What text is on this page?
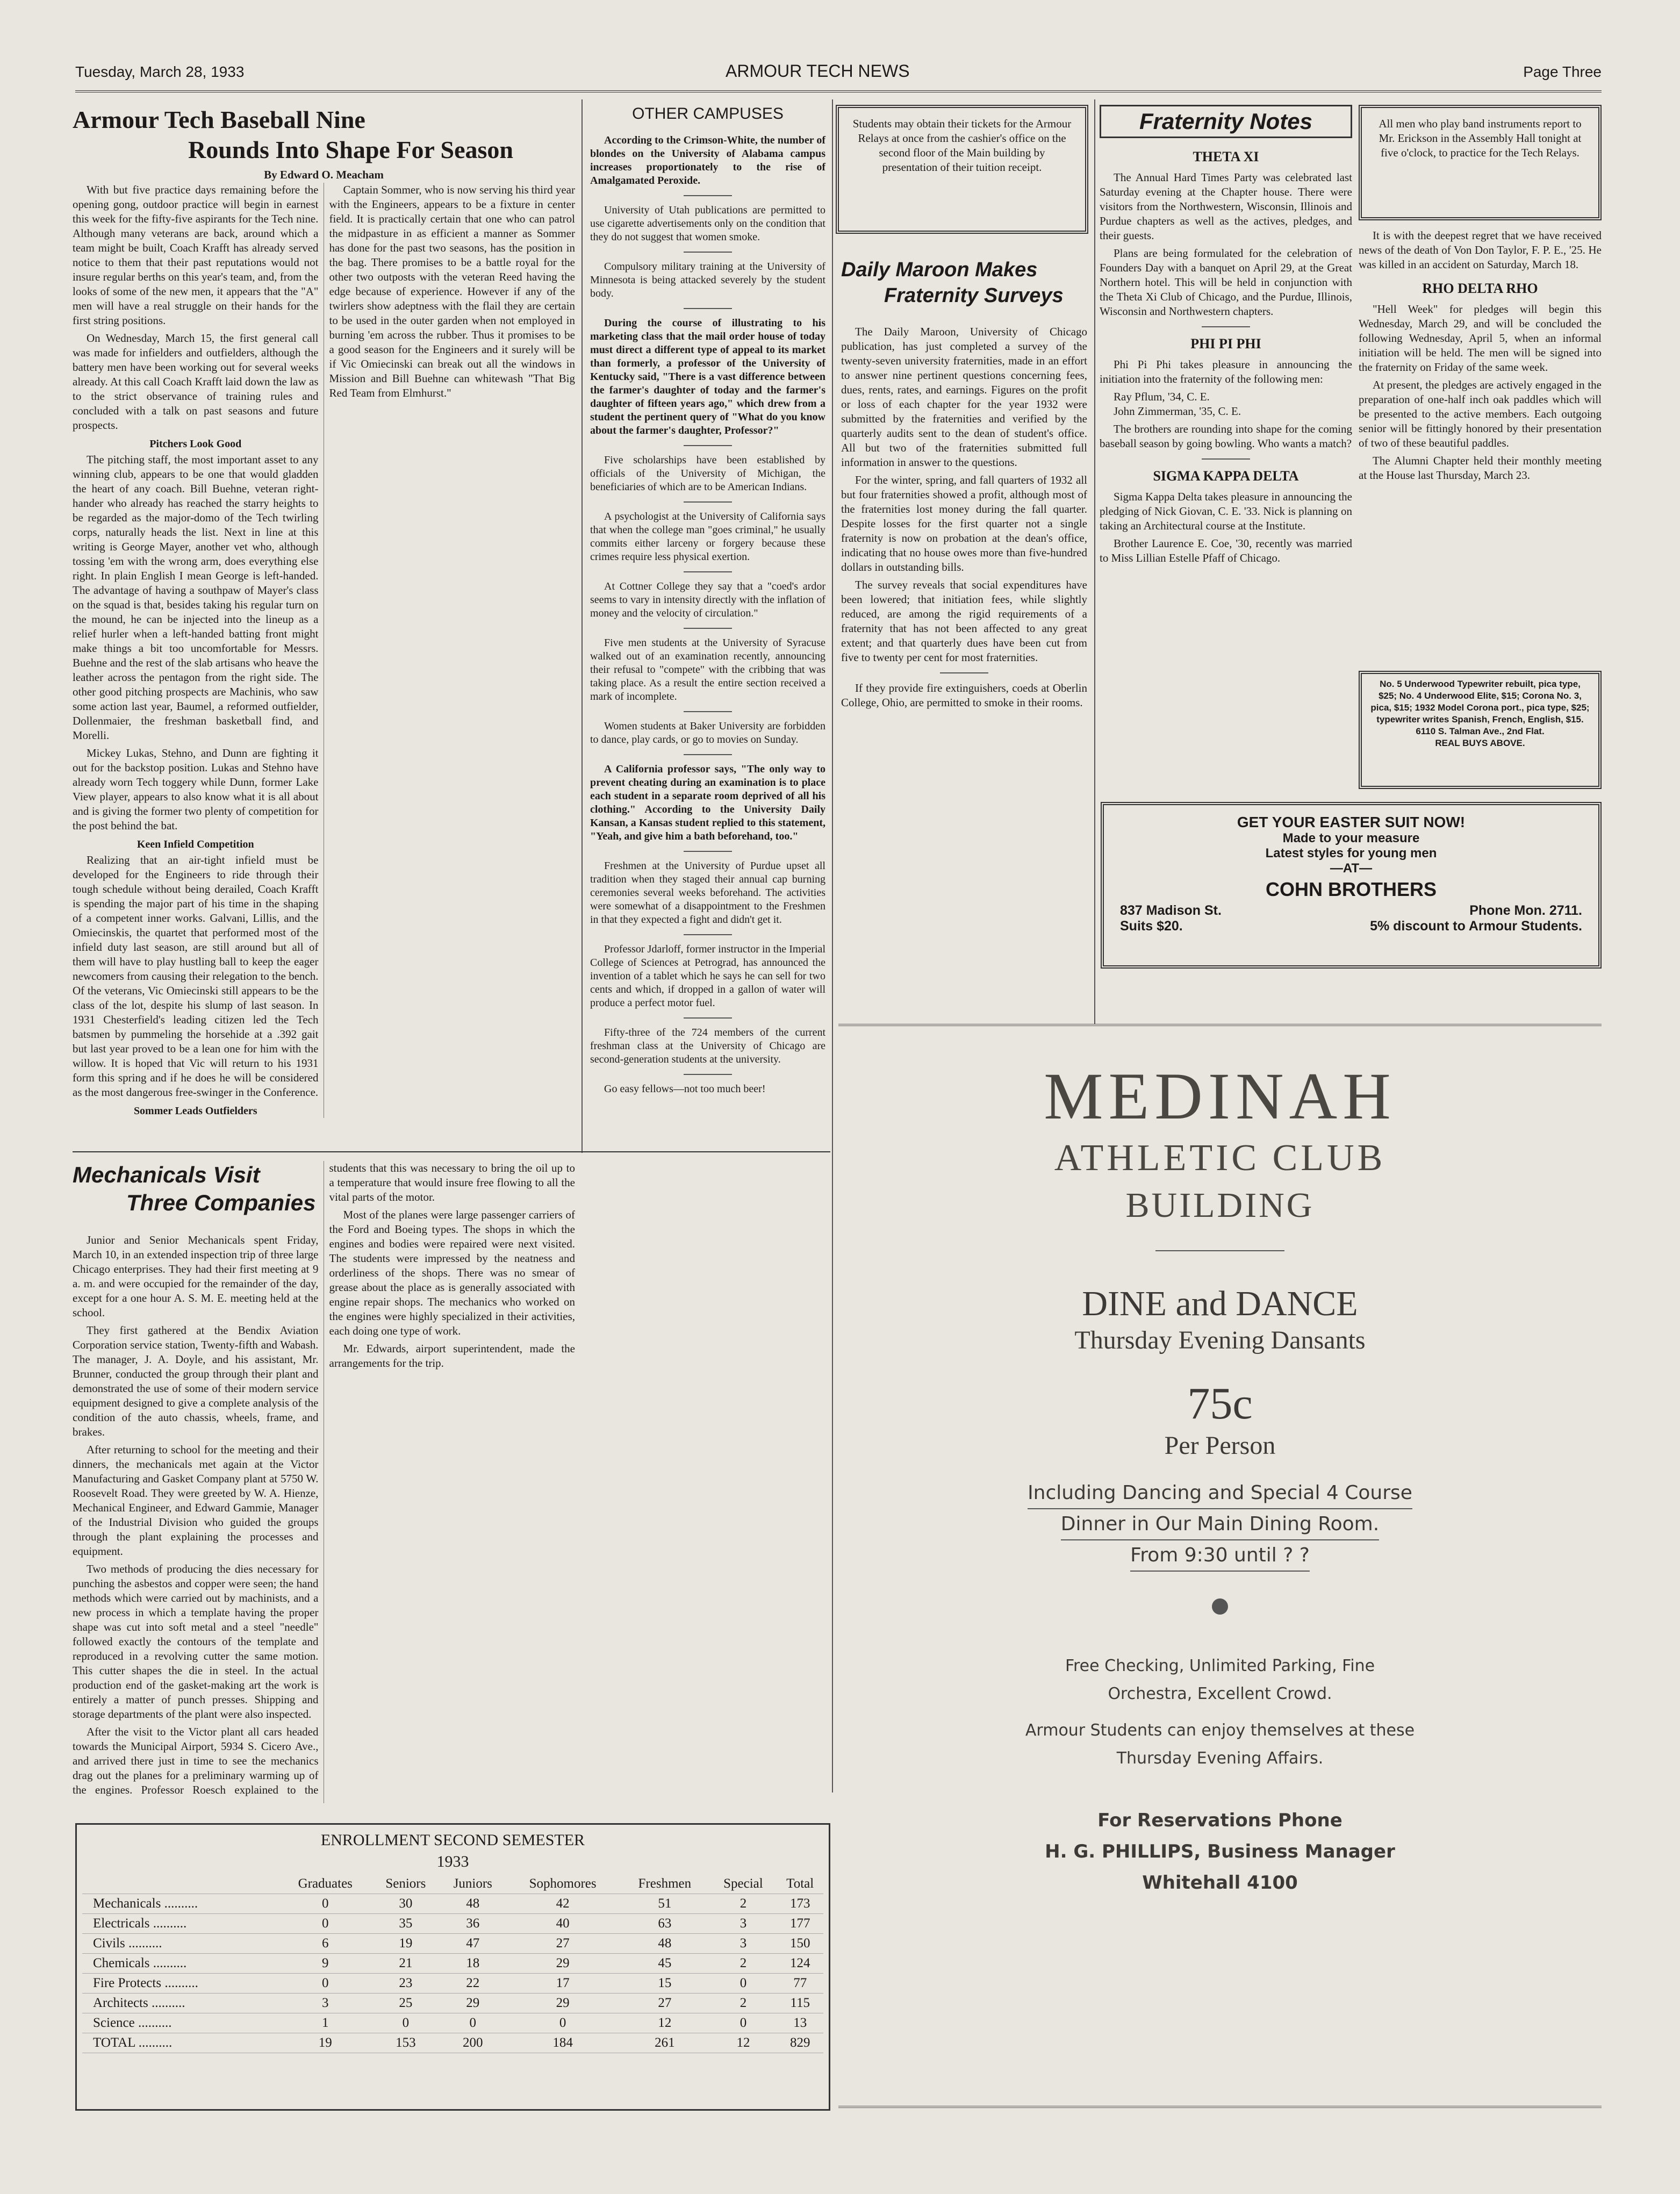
Tuesday, March 28, 1933	ARMOUR TECH NEWS	Page Three
Armour Tech Baseball Nine
Rounds Into Shape For Season
By Edward O. Meacham

With but five practice days remaining before the opening gong, outdoor practice will begin in earnest this week for the fifty-five aspirants for the Tech nine. Although many veterans are back, around which a team might be built, Coach Krafft has already served notice to them that their past reputations would not insure regular berths on this year's team, and, from the looks of some of the new men, it appears that the "A" men will have a real struggle on their hands for the first string positions.

On Wednesday, March 15, the first general call was made for infielders and outfielders, although the battery men have been working out for several weeks already. At this call Coach Krafft laid down the law as to the strict observance of training rules and concluded with a talk on past seasons and future prospects.

Pitchers Look Good

The pitching staff, the most important asset to any winning club, appears to be one that would gladden the heart of any coach. Bill Buehne, veteran right-hander who already has reached the starry heights to be regarded as the major-domo of the Tech twirling corps, naturally heads the list. Next in line at this writing is George Mayer, another vet who, although tossing 'em with the wrong arm, does everything else right. In plain English I mean George is left-handed. The advantage of having a southpaw of Mayer's class on the squad is that, besides taking his regular turn on the mound, he can be injected into the lineup as a relief hurler when a left-handed batting front might make things a bit too uncomfortable for Messrs. Buehne and the rest of the slab artisans who heave the leather across the pentagon from the right side. The other good pitching prospects are Machinis, who saw some action last year, Baumel, a reformed outfielder, Dollenmaier, the freshman basketball find, and Morelli.

Mickey Lukas, Stehno, and Dunn are fighting it out for the backstop position. Lukas and Stehno have already worn Tech toggery while Dunn, former Lake View player, appears to also know what it is all about and is giving the former two plenty of competition for the post behind the bat.

Keen Infield Competition

Realizing that an air-tight infield must be developed for the Engineers to ride through their tough schedule without being derailed, Coach Krafft is spending the major part of his time in the shaping of a competent inner works. Galvani, Lillis, and the Omiecinskis, the quartet that performed most of the infield duty last season, are still around but all of them will have to play hustling ball to keep the eager newcomers from causing their relegation to the bench. Of the veterans, Vic Omiecinski still appears to be the class of the lot, despite his slump of last season. In 1931 Chesterfield's leading citizen led the Tech batsmen by pummeling the horsehide at a .392 gait but last year proved to be a lean one for him with the willow. It is hoped that Vic will return to his 1931 form this spring and if he does he will be considered as the most dangerous free-swinger in the Conference.

Sommer Leads Outfielders

Captain Sommer, who is now serving his third year with the Engineers, appears to be a fixture in center field. It is practically certain that one who can patrol the midpasture in as efficient a manner as Sommer has done for the past two seasons, has the position in the bag. There promises to be a battle royal for the other two outposts with the veteran Reed having the edge because of experience. However if any of the twirlers show adeptness with the flail they are certain to be used in the outer garden when not employed in burning 'em across the rubber. Thus it promises to be a good season for the Engineers and it surely will be if Vic Omiecinski can break out all the windows in Mission and Bill Buehne can whitewash "That Big Red Team from Elmhurst."

Mechanicals Visit
Three Companies

Junior and Senior Mechanicals spent Friday, March 10, in an extended inspection trip of three large Chicago enterprises. They had their first meeting at 9 a. m. and were occupied for the remainder of the day, except for a one hour A. S. M. E. meeting held at the school.

They first gathered at the Bendix Aviation Corporation service station, Twenty-fifth and Wabash. The manager, J. A. Doyle, and his assistant, Mr. Brunner, conducted the group through their plant and demonstrated the use of some of their modern service equipment designed to give a complete analysis of the condition of the auto chassis, wheels, frame, and brakes.

After returning to school for the meeting and their dinners, the mechanicals met again at the Victor Manufacturing and Gasket Company plant at 5750 W. Roosevelt Road. They were greeted by W. A. Hienze, Mechanical Engineer, and Edward Gammie, Manager of the Industrial Division who guided the groups through the plant explaining the processes and equipment.

Two methods of producing the dies necessary for punching the asbestos and copper were seen; the hand methods which were carried out by machinists, and a new process in which a template having the proper shape was cut into soft metal and a steel "needle" followed exactly the contours of the template and reproduced in a revolving cutter the same motion. This cutter shapes the die in steel. In the actual production end of the gasket-making art the work is entirely a matter of punch presses. Shipping and storage departments of the plant were also inspected.

After the visit to the Victor plant all cars headed towards the Municipal Airport, 5934 S. Cicero Ave., and arrived there just in time to see the mechanics drag out the planes for a preliminary warming up of the engines. Professor Roesch explained to the students that this was necessary to bring the oil up to a temperature that would insure free flowing to all the vital parts of the motor.

Most of the planes were large passenger carriers of the Ford and Boeing types. The shops in which the engines and bodies were repaired were next visited. The students were impressed by the neatness and orderliness of the shops. There was no smear of grease about the place as is generally associated with engine repair shops. The mechanics who worked on the engines were highly specialized in their activities, each doing one type of work.

Mr. Edwards, airport superintendent, made the arrangements for the trip.

OTHER CAMPUSES

According to the Crimson-White, the number of blondes on the University of Alabama campus increases proportionately to the rise of Amalgamated Peroxide.

University of Utah publications are permitted to use cigarette advertisements only on the condition that they do not suggest that women smoke.

Compulsory military training at the University of Minnesota is being attacked severely by the student body.

During the course of illustrating to his marketing class that the mail order house of today must direct a different type of appeal to its market than formerly, a professor of the University of Kentucky said, "There is a vast difference between the farmer's daughter of today and the farmer's daughter of fifteen years ago," which drew from a student the pertinent query of "What do you know about the farmer's daughter, Professor?"

Five scholarships have been established by officials of the University of Michigan, the beneficiaries of which are to be American Indians.

A psychologist at the University of California says that when the college man "goes criminal," he usually commits either larceny or forgery because these crimes require less physical exertion.

At Cottner College they say that a "coed's ardor seems to vary in intensity directly with the inflation of money and the velocity of circulation."

Five men students at the University of Syracuse walked out of an examination recently, announcing their refusal to "compete" with the cribbing that was taking place. As a result the entire section received a mark of incomplete.

Women students at Baker University are forbidden to dance, play cards, or go to movies on Sunday.

A California professor says, "The only way to prevent cheating during an examination is to place each student in a separate room deprived of all his clothing." According to the University Daily Kansan, a Kansas student replied to this statement, "Yeah, and give him a bath beforehand, too."

Freshmen at the University of Purdue upset all tradition when they staged their annual cap burning ceremonies several weeks beforehand. The activities were somewhat of a disappointment to the Freshmen in that they expected a fight and didn't get it.

Professor Jdarloff, former instructor in the Imperial College of Sciences at Petrograd, has announced the invention of a tablet which he says he can sell for two cents and which, if dropped in a gallon of water will produce a perfect motor fuel.

Fifty-three of the 724 members of the current freshman class at the University of Chicago are second-generation students at the university.

Go easy fellows—not too much beer!

ENROLLMENT SECOND SEMESTER
1933
	Graduates	Seniors	Juniors	Sophomores	Freshmen	Special	Total
Mechanicals ..........	0	30	48	42	51	2	173
Electricals ..........	0	35	36	40	63	3	177
Civils ..........	6	19	47	27	48	3	150
Chemicals ..........	9	21	18	29	45	2	124
Fire Protects ..........	0	23	22	17	15	0	77
Architects ..........	3	25	29	29	27	2	115
Science ..........	1	0	0	0	12	0	13
TOTAL ..........	19	153	200	184	261	12	829

Students may obtain their tickets for the Armour Relays at once from the cashier's office on the second floor of the Main building by presentation of their tuition receipt.

Daily Maroon Makes
Fraternity Surveys

The Daily Maroon, University of Chicago publication, has just completed a survey of the twenty-seven university fraternities, made in an effort to answer nine pertinent questions concerning fees, dues, rents, rates, and earnings. Figures on the profit or loss of each chapter for the year 1932 were submitted by the fraternities and verified by the quarterly audits sent to the dean of student's office. All but two of the fraternities submitted full information in answer to the questions.

For the winter, spring, and fall quarters of 1932 all but four fraternities showed a profit, although most of the fraternities lost money during the fall quarter. Despite losses for the first quarter not a single fraternity is now on probation at the dean's office, indicating that no house owes more than five-hundred dollars in outstanding bills.

The survey reveals that social expenditures have been lowered; that initiation fees, while slightly reduced, are among the rigid requirements of a fraternity that has not been affected to any great extent; and that quarterly dues have been cut from five to twenty per cent for most fraternities.

If they provide fire extinguishers, coeds at Oberlin College, Ohio, are permitted to smoke in their rooms.

Fraternity Notes
THETA XI

The Annual Hard Times Party was celebrated last Saturday evening at the Chapter house. There were visitors from the Northwestern, Wisconsin, Illinois and Purdue chapters as well as the actives, pledges, and their guests.

Plans are being formulated for the celebration of Founders Day with a banquet on April 29, at the Great Northern hotel. This will be held in conjunction with the Theta Xi Club of Chicago, and the Purdue, Illinois, Wisconsin and Northwestern chapters.

PHI PI PHI

Phi Pi Phi takes pleasure in announcing the initiation into the fraternity of the following men:

Ray Pflum, '34, C. E.

John Zimmerman, '35, C. E.

The brothers are rounding into shape for the coming baseball season by going bowling. Who wants a match?

SIGMA KAPPA DELTA

Sigma Kappa Delta takes pleasure in announcing the pledging of Nick Giovan, C. E. '33. Nick is planning on taking an Architectural course at the Institute.

Brother Laurence E. Coe, '30, recently was married to Miss Lillian Estelle Pfaff of Chicago.

All men who play band instruments report to Mr. Erickson in the Assembly Hall tonight at five o'clock, to practice for the Tech Relays.

It is with the deepest regret that we have received news of the death of Von Don Taylor, F. P. E., '25. He was killed in an accident on Saturday, March 18.

RHO DELTA RHO

"Hell Week" for pledges will begin this Wednesday, March 29, and will be concluded the following Wednesday, April 5, when an informal initiation will be held. The men will be signed into the fraternity on Friday of the same week.

At present, the pledges are actively engaged in the preparation of one-half inch oak paddles which will be presented to the active members. Each outgoing senior will be fittingly honored by their presentation of two of these beautiful paddles.

The Alumni Chapter held their monthly meeting at the House last Thursday, March 23.

No. 5 Underwood Typewriter rebuilt, pica type, $25; No. 4 Underwood Elite, $15; Corona No. 3, pica, $15; 1932 Model Corona port., pica type, $25; typewriter writes Spanish, French, English, $15.
6110 S. Talman Ave., 2nd Flat.
REAL BUYS ABOVE.
GET YOUR EASTER SUIT NOW!
Made to your measure
Latest styles for young men
—AT—
COHN BROTHERS
837 Madison St.	Phone Mon. 2711.
Suits $20.	5% discount to Armour Students.
MEDINAH
ATHLETIC CLUB
BUILDING
DINE and DANCE
Thursday Evening Dansants
75c
Per Person
Including Dancing and Special 4 Course
Dinner in Our Main Dining Room.
From 9:30 until ? ?
Free Checking, Unlimited Parking, Fine
Orchestra, Excellent Crowd.
Armour Students can enjoy themselves at these
Thursday Evening Affairs.
For Reservations Phone
H. G. PHILLIPS, Business Manager
Whitehall 4100
